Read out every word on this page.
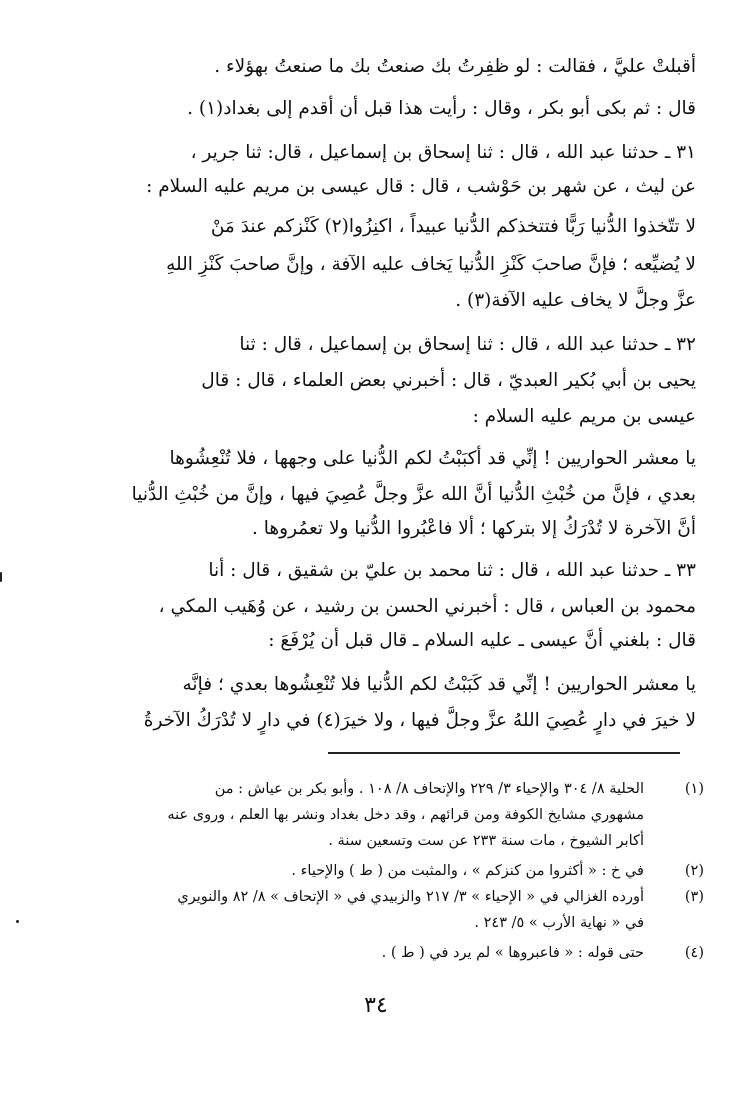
أقبلتْ عليَّ ، فقالت : لو ظفِرتُ بك صنعتُ بك ما صنعتُ بهؤلاء .
قال : ثم بكى أبو بكر ، وقال : رأيت هذا قبل أن أقدم إلى بغداد(١) .
٣١ ـ حدثنا عبد الله ، قال : ثنا إسحاق بن إسماعيل ، قال: ثنا جرير ،
عن ليث ، عن شهر بن حَوْشب ، قال : قال عيسى بن مريم عليه السلام :
لا تتّخذوا الدُّنيا رَبًّا فتتخذكم الدُّنيا عبيداً ، اكنِزُوا(٢) كَنْزكم عندَ مَنْ
لا يُضيِّعه ؛ فإنَّ صاحبَ كَنْزِ الدُّنيا يَخاف عليه الآفة ، وإنَّ صاحبَ كَنْزِ اللهِ
عزَّ وجلَّ لا يخاف عليه الآفة(٣) .
٣٢ ـ حدثنا عبد الله ، قال : ثنا إسحاق بن إسماعيل ، قال : ثنا
يحيى بن أبي بُكير العبديّ ، قال : أخبرني بعض العلماء ، قال : قال
عيسى بن مريم عليه السلام :
يا معشر الحواريين ! إنِّي قد أكبَبْتُ لكم الدُّنيا على وجهها ، فلا تُنْعِشُوها
بعدي ، فإنَّ من خُبْثِ الدُّنيا أنَّ الله عزَّ وجلَّ عُصِيَ فيها ، وإنَّ من خُبْثِ الدُّنيا
أنَّ الآخرة لا تُدْرَكُ إلا بتركها ؛ ألا فاعْبُروا الدُّنيا ولا تعمُروها .
٣٣ ـ حدثنا عبد الله ، قال : ثنا محمد بن عليّ بن شقيق ، قال : أنا
محمود بن العباس ، قال : أخبرني الحسن بن رشيد ، عن وُهَيب المكي ،
قال : بلغني أنَّ عيسى ـ عليه السلام ـ قال قبل أن يُرْفَعَ :
يا معشر الحواريين ! إنِّي قد كَبَبْتُ لكم الدُّنيا فلا تُنْعِشُوها بعدي ؛ فإنَّه
لا خيرَ في دارٍ عُصِيَ اللهُ عزَّ وجلَّ فيها ، ولا خيرَ(٤) في دارٍ لا تُدْرَكُ الآخرةُ
(١)
الحلية ٨/ ٣٠٤ والإحياء ٣/ ٢٢٩ والإتحاف ٨/ ١٠٨ . وأبو بكر بن عياش : من
مشهوري مشايخ الكوفة ومن قرائهم ، وقد دخل بغداد ونشر بها العلم ، وروى عنه
أكابر الشيوخ ، مات سنة ٢٣٣ عن ست وتسعين سنة .
(٢)
في خ : « أكثروا من كنزكم » ، والمثبت من ( ط ) والإحياء .
(٣)
أورده الغزالي في « الإحياء » ٣/ ٢١٧ والزبيدي في « الإتحاف » ٨/ ٨٢ والنويري
في « نهاية الأرب » ٥/ ٢٤٣ .
(٤)
حتى قوله : « فاعبروها » لم يرد في ( ط ) .
٣٤
